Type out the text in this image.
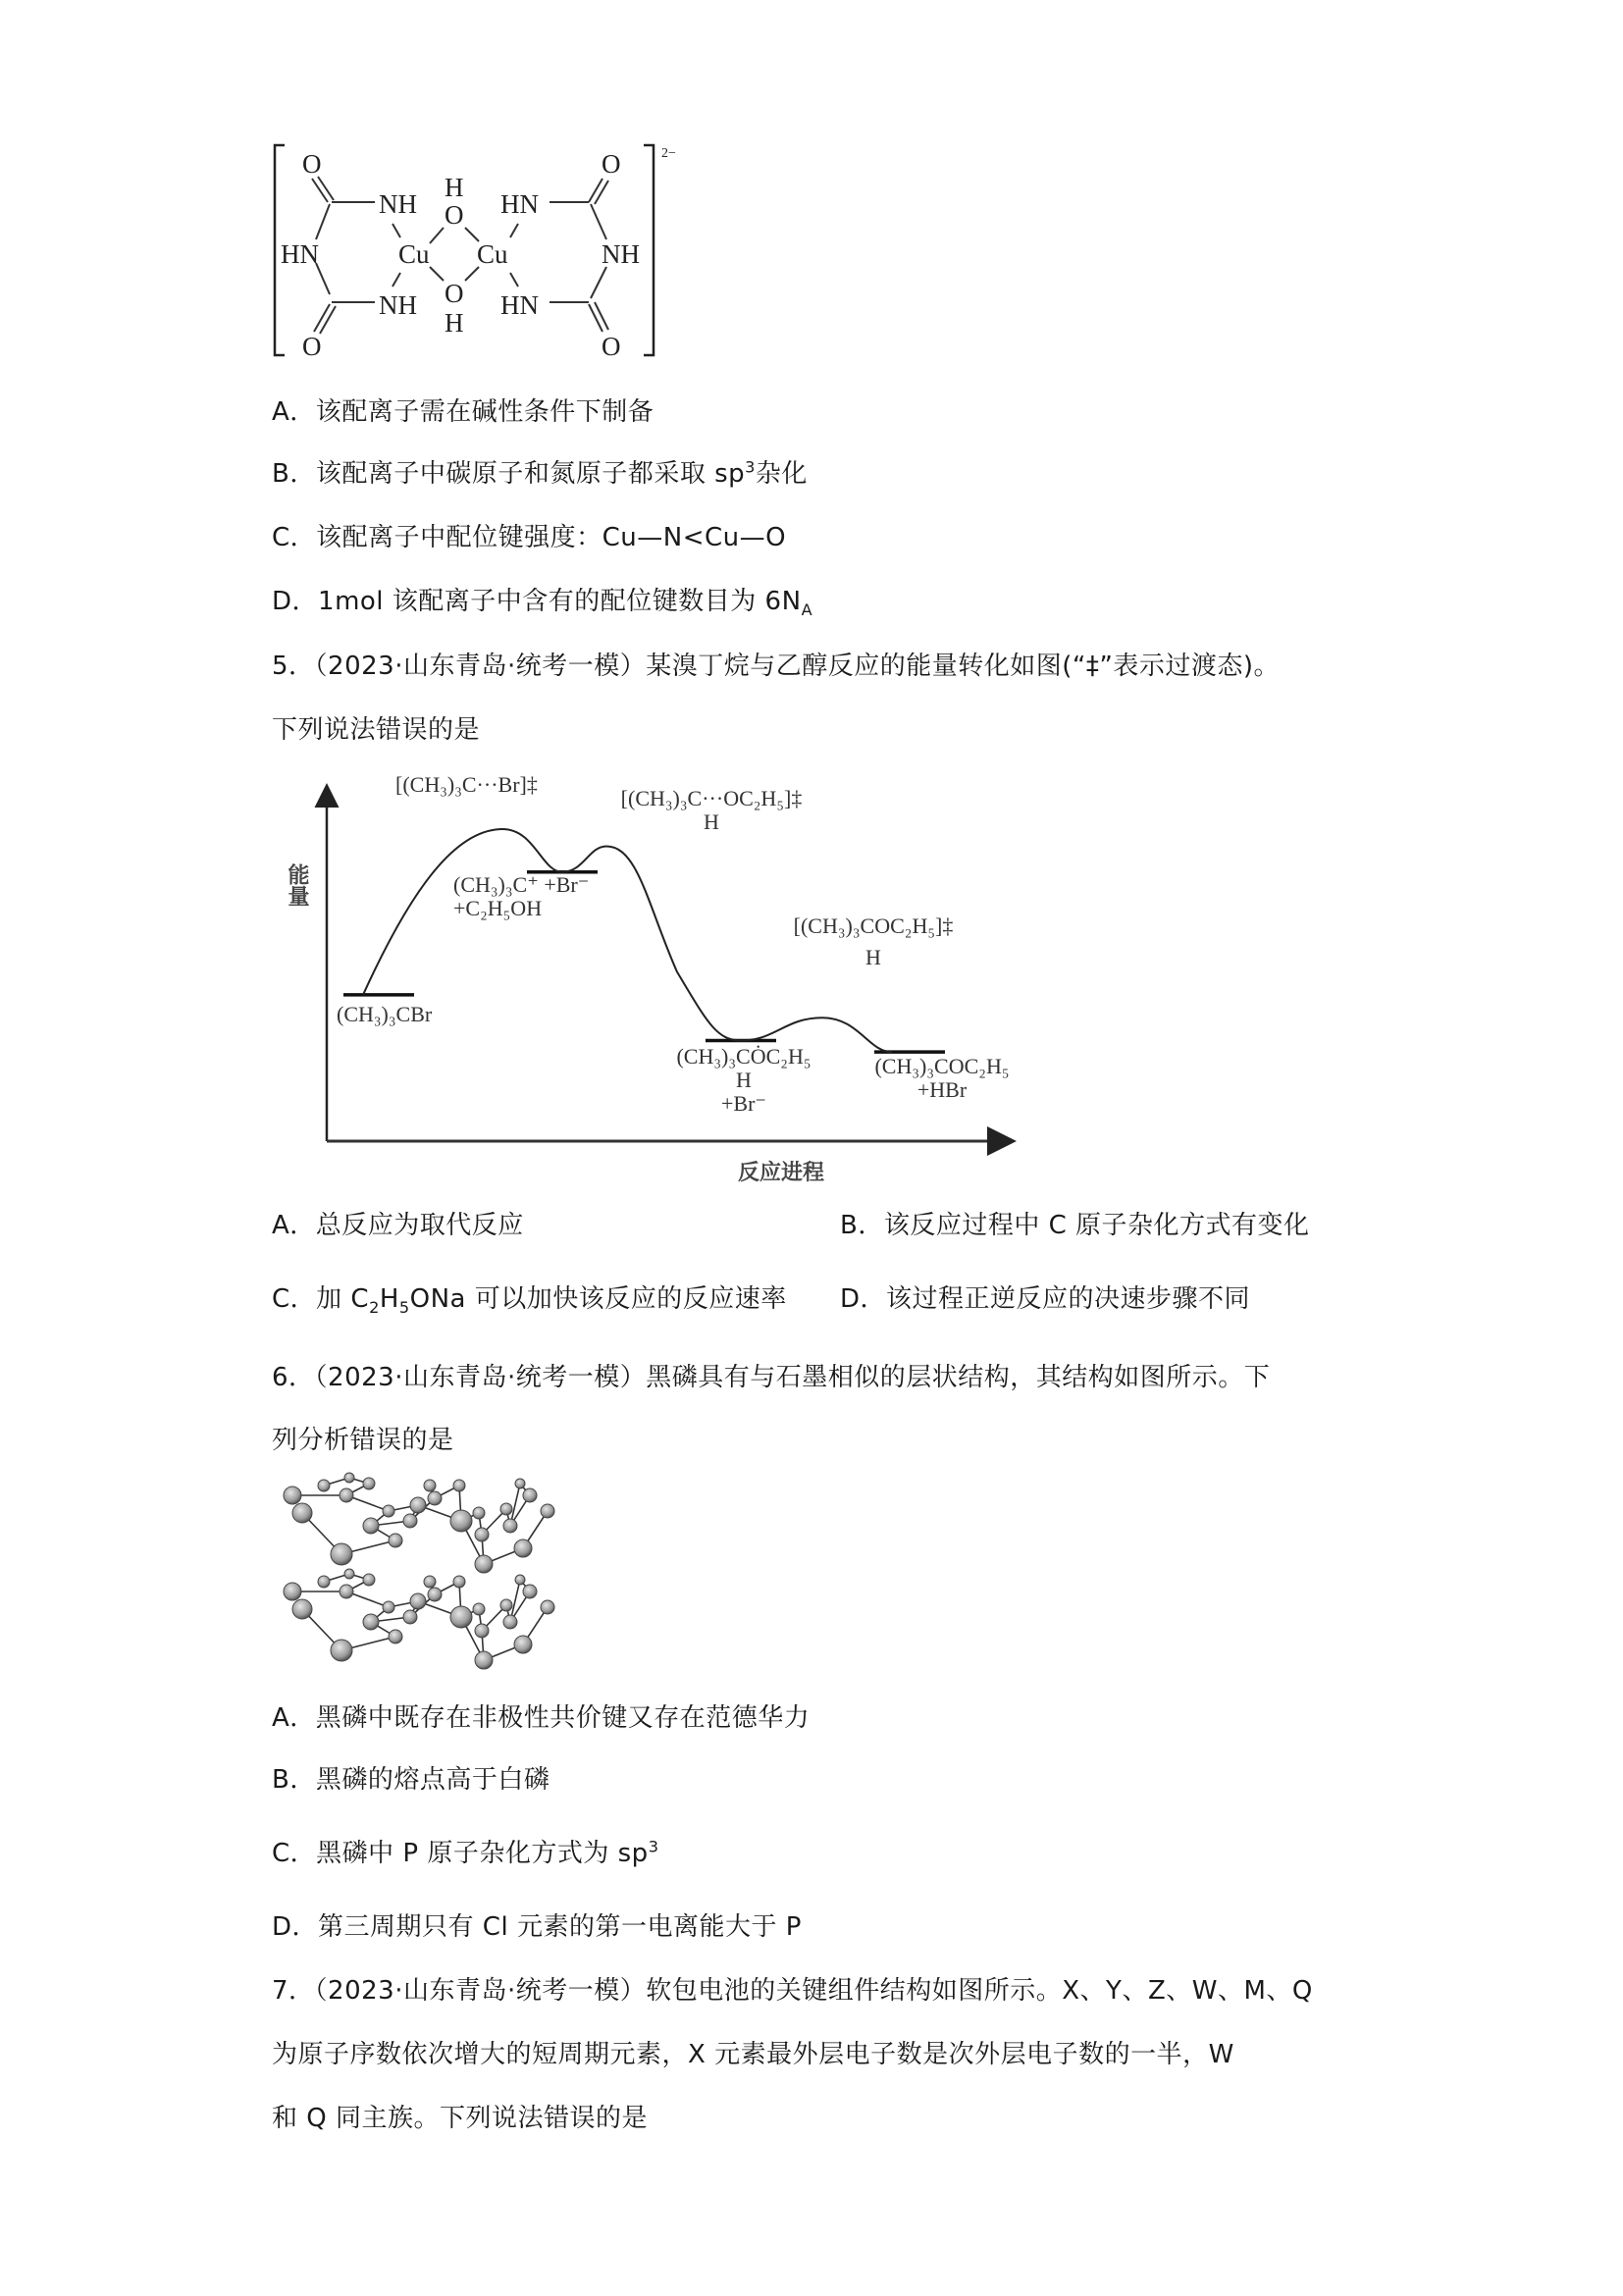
2−
O
NH
HN
NH
O
H
O
Cu Cu
O
H
O
HN
NH
HN
O
A．该配离子需在碱性条件下制备
B．该配离子中碳原子和氮原子都采取 $sp^3$杂化
C．该配离子中配位键强度：Cu—N<Cu—O
D．1mol 该配离子中含有的配位键数目为 $6N_A$
5．（2023·山东青岛·统考一模）某溴丁烷与乙醇反应的能量转化如图(“‡”表示过渡态)。
下列说法错误的是
能量
反应进程
[(CH₃)₃C···Br]‡
[(CH₃)₃C···OC₂H₅]‡
H
(CH₃)₃C⁺ +Br⁻
+C₂H₅OH
(CH₃)₃CBr
[(CH₃)₃COC₂H₅]‡
H
(CH₃)₃CȮC₂H₅
H
+Br⁻
(CH₃)₃COC₂H₅
+HBr
A．总反应为取代反应	B．该反应过程中 C 原子杂化方式有变化
C．加 $C_2H_5ONa$ 可以加快该反应的反应速率 D．该过程正逆反应的决速步骤不同
6．（2023·山东青岛·统考一模）黑磷具有与石墨相似的层状结构，其结构如图所示。下
列分析错误的是
A．黑磷中既存在非极性共价键又存在范德华力
B．黑磷的熔点高于白磷
C．黑磷中 P 原子杂化方式为 $sp^3$
D．第三周期只有 Cl 元素的第一电离能大于 P
7．（2023·山东青岛·统考一模）软包电池的关键组件结构如图所示。X、Y、Z、W、M、Q
为原子序数依次增大的短周期元素，X 元素最外层电子数是次外层电子数的一半，W
和 Q 同主族。下列说法错误的是
